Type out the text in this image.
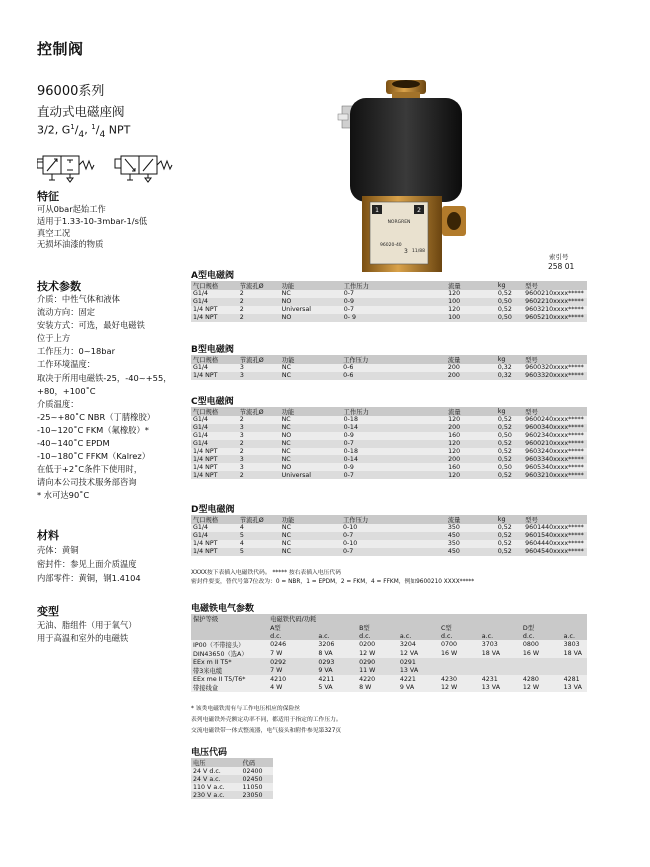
控制阀
96000系列
直动式电磁座阀
3/2, $G^1/_4$, $^1/_4$ NPT
1	2
NORGREN
96020-40
3 11/88
索引号
258 01
特征
可从0bar起始工作
适用于1.33-10-3mbar-1/s低
真空工况
无损坏油漆的物质
技术参数
介质：中性气体和液体
流动方向：固定
安装方式：可选，最好电磁铁
位于上方
工作压力：0~18bar
工作环境温度：
取决于所用电磁铁-25，-40~+55，
+80，+100˚C
介质温度：
-25~+80˚C NBR（丁腈橡胶）
-10~120˚C FKM（氟橡胶）*
-40~140˚C EPDM
-10~180˚C FFKM（Kalrez）
在低于+2˚C条件下使用时，
请向本公司技术服务部咨询
* 水可达90˚C
材料
壳体：黄铜
密封件：参见上面介质温度
内部零件：黄铜，钢1.4104
变型
无油、脂组件（用于氧气）
用于高温和室外的电磁铁
A型电磁阀
气口规格	节流孔Ø	功能	工作压力	流量	kg	型号
G1/4	2	NC	0-7	120	0,52	9600210xxxx*****
G1/4	2	NO	0-9	100	0,50	9602210xxxx*****
1/4 NPT	2	Universal	0-7	120	0,52	9603210xxxx*****
1/4 NPT	2	NO	0- 9	100	0,50	9605210xxxx*****
B型电磁阀
气口规格	节流孔Ø	功能	工作压力	流量	kg	型号
G1/4	3	NC	0-6	200	0,32	9600320xxxx*****
1/4 NPT	3	NC	0-6	200	0,32	9603320xxxx*****
C型电磁阀
气口规格	节流孔Ø	功能	工作压力	流量	kg	型号
G1/4	2	NC	0-18	120	0,52	9600240xxxx*****
G1/4	3	NC	0-14	200	0,52	9600340xxxx*****
G1/4	3	NO	0-9	160	0,50	9602340xxxx*****
G1/4	2	NC	0-7	120	0,52	9600210xxxx*****
1/4 NPT	2	NC	0-18	120	0,52	9603240xxxx*****
1/4 NPT	3	NC	0-14	200	0,52	9603340xxxx*****
1/4 NPT	3	NO	0-9	160	0,50	9605340xxxx*****
1/4 NPT	2	Universal	0-7	120	0,52	9603210xxxx*****
D型电磁阀
气口规格	节流孔Ø	功能	工作压力	流量	kg	型号
G1/4	4	NC	0-10	350	0,52	9601440xxxx*****
G1/4	5	NC	0-7	450	0,52	9601540xxxx*****
1/4 NPT	4	NC	0-10	350	0,52	9604440xxxx*****
1/4 NPT	5	NC	0-7	450	0,52	9604540xxxx*****
XXXX按下表插入电磁铁代码。 ***** 按右表插入电压代码
密封件要变，替代号第7位改为：0 = NBR，1 = EPDM，2 = FKM，4 = FFKM，例如9600210 XXXX*****
电磁铁电气参数
保护等级	电磁铁代码/功耗							
	A型		B型		C型		D型	
	d.c.	a.c.	d.c.	a.c.	d.c.	a.c.	d.c.	a.c.
IP00（不带接头）	0246	3206	0200	3204	0700	3703	0800	3803
DIN43650（选A）	7 W	8 VA	12 W	12 VA	16 W	18 VA	16 W	18 VA
EEx m II T5*	0292	0293	0290	0291				
带3米电缆	7 W	9 VA	11 W	13 VA				
EEx me II T5/T6*	4210	4211	4220	4221	4230	4231	4280	4281
带接线盒	4 W	5 VA	8 W	9 VA	12 W	13 VA	12 W	13 VA
* 该类电磁铁需有与工作电压相应的保险丝
表列电磁铁外壳额定功率不同，都适用于指定的工作压力。
交流电磁铁带一体式整流器，电气接头和附件参见第327页
电压代码
电压	代码
24 V d.c.	02400
24 V a.c.	02450
110 V a.c.	11050
230 V a.c.	23050
